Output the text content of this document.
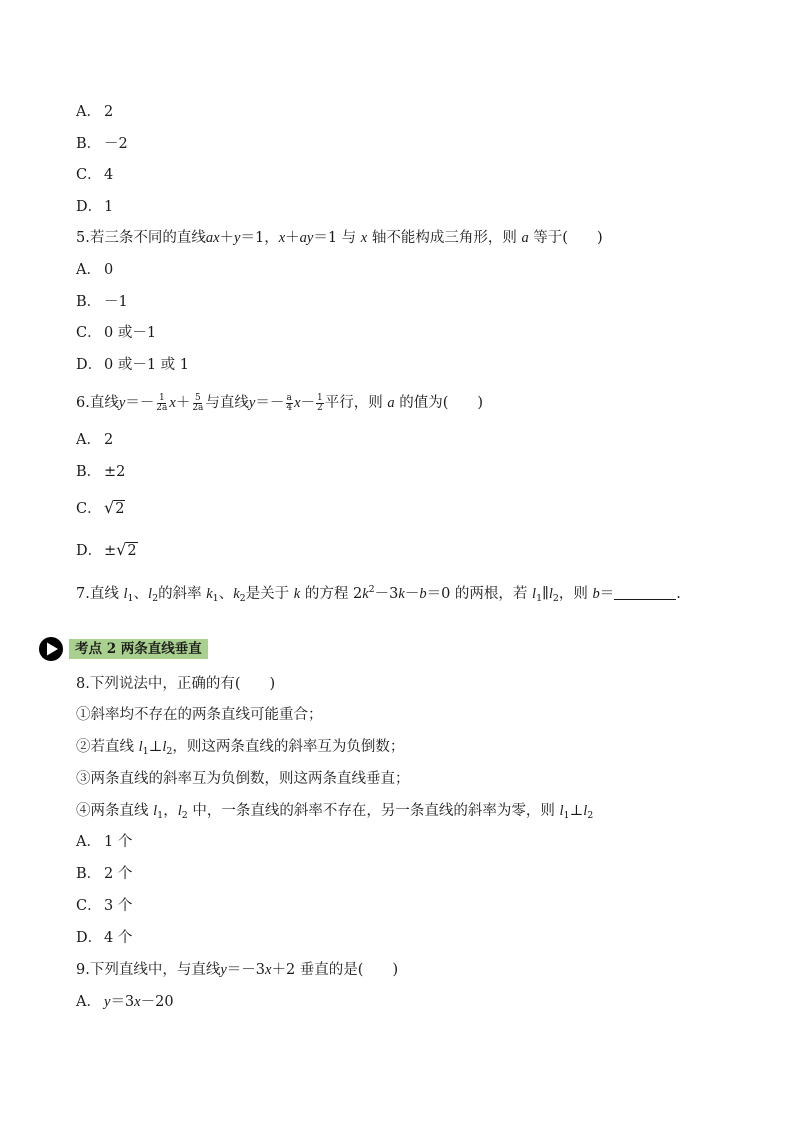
A． 2
B． －2
C． 4
D． 1
5.若三条不同的直线ax＋y＝1，x＋ay＝1 与 x 轴不能构成三角形，则 a 等于(　　)
A． 0
B． －1
C． 0 或－1
D． 0 或－1 或 1
6.直线$y=- \frac{1}{2a} x+ \frac{5}{2a}$ 与直线$y=- \frac{a}{4} x- \frac{1}{2}$ 平行，则 a 的值为(　　)
A． 2
B． ±2
C． √ 2
D． ± √ 2
7.直线 $l_1$、$l_2$的斜率 $k_1$、$k_2$是关于 k 的方程 $2k^2-3k-b=0$ 的两根，若 $l_1\parallel l_2$，则 b＝	.
考点 2 两条直线垂直
8.下列说法中，正确的有(　　)
①斜率均不存在的两条直线可能重合；
②若直线 $l_1\perp l_2$，则这两条直线的斜率互为负倒数；
③两条直线的斜率互为负倒数，则这两条直线垂直；
④两条直线 $l_1$，$l_2$ 中，一条直线的斜率不存在，另一条直线的斜率为零，则 $l_1\perp l_2$
A． 1 个
B． 2 个
C． 3 个
D． 4 个
9.下列直线中，与直线y＝－3x＋2 垂直的是(　　)
A． y＝3x－20
